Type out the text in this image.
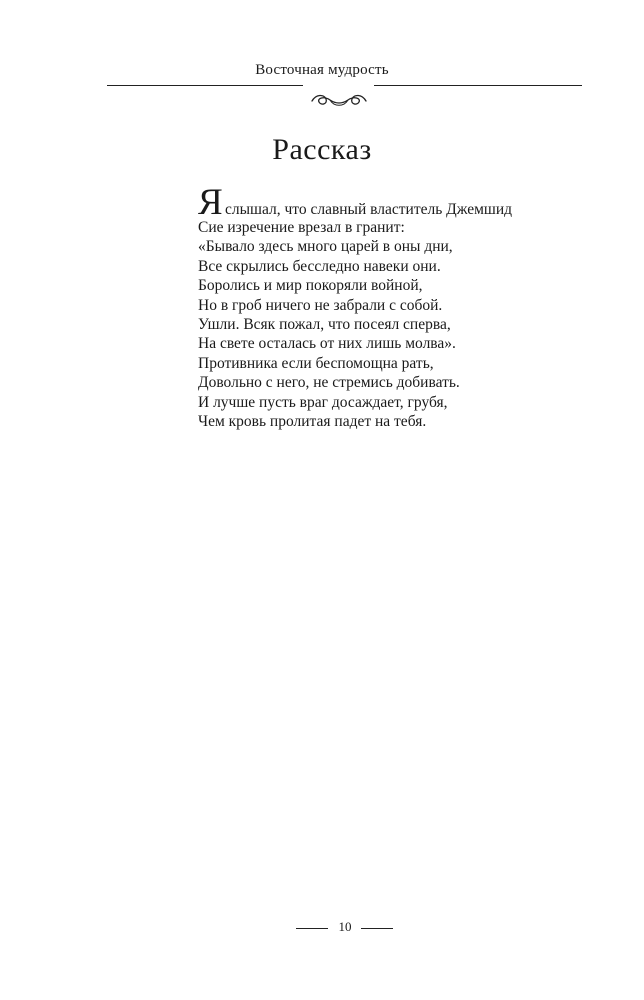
Восточная мудрость
Рассказ
Я слышал, что славный властитель Джемшид
Сие изречение врезал в гранит:
«Бывало здесь много царей в оны дни,
Все скрылись бесследно навеки они.
Боролись и мир покоряли войной,
Но в гроб ничего не забрали с собой.
Ушли. Всяк пожал, что посеял сперва,
На свете осталась от них лишь молва».
Противника если беспомощна рать,
Довольно с него, не стремись добивать.
И лучше пусть враг досаждает, грубя,
Чем кровь пролитая падет на тебя.
10
